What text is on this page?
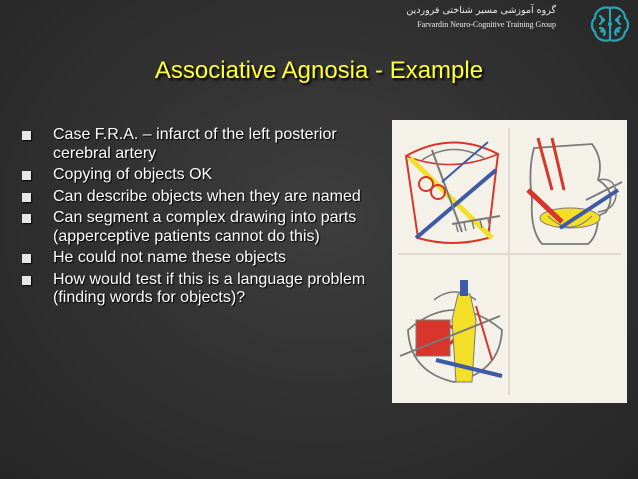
گروه آموزشی مسیر شناختی فروردین
Farvardin Neuro-Cognitive Training Group
Associative Agnosia - Example
Case F.R.A. – infarct of the left posterior cerebral artery
Copying of objects OK
Can describe objects when they are named
Can segment a complex drawing into parts (apperceptive patients cannot do this)
He could not name these objects
How would test if this is a language problem (finding words for objects)?
